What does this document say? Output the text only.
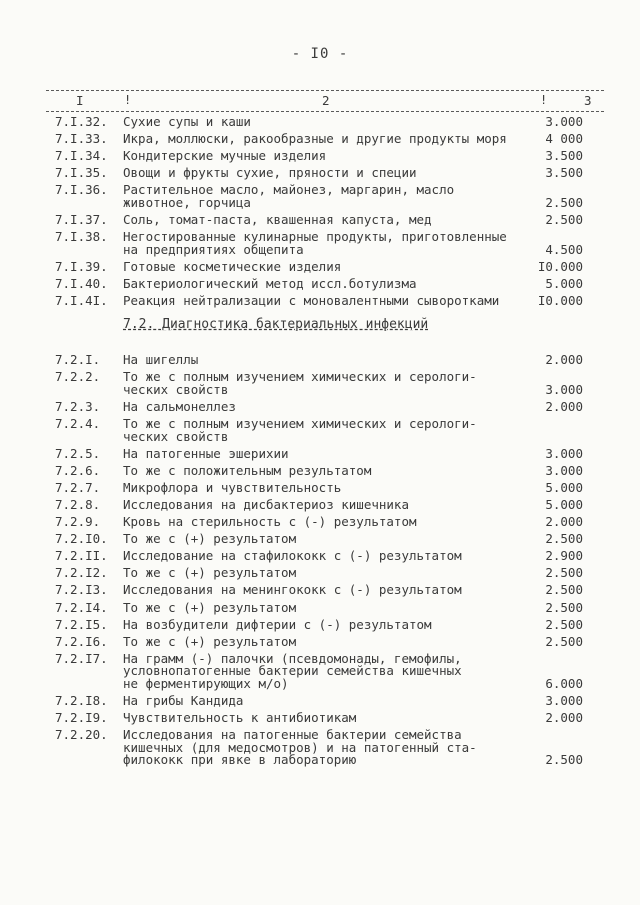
- I0 -
I	!	2	!	3
7.I.32.	Сухие супы и каши	3.000
7.I.33.	Икра, моллюски, ракообразные и другие продукты моря	4 000
7.I.34.	Кондитерские мучные изделия	3.500
7.I.35.	Овощи и фрукты сухие, пряности и специи	3.500
7.I.36.	Растительное масло, майонез, маргарин, масло
животное, горчица	2.500
7.I.37.	Соль, томат-паста, квашенная капуста, мед	2.500
7.I.38.	Негостированные кулинарные продукты, приготовленные
на предприятиях общепита	4.500
7.I.39.	Готовые косметические изделия	I0.000
7.I.40.	Бактериологический метод иссл.ботулизма	5.000
7.I.4I.	Реакция нейтрализации с моновалентными сыворотками	I0.000
7.2. Диагностика бактериальных инфекций
7.2.I.	На шигеллы	2.000
7.2.2.	То же с полным изучением химических и серологи-
ческих свойств	3.000
7.2.3.	На сальмонеллез	2.000
7.2.4.	То же с полным изучением химических и серологи-
ческих свойств
7.2.5.	На патогенные эшерихии	3.000
7.2.6.	То же с положительным результатом	3.000
7.2.7.	Микрофлора и чувствительность	5.000
7.2.8.	Исследования на дисбактериоз кишечника	5.000
7.2.9.	Кровь на стерильность с (-) результатом	2.000
7.2.I0.	То же с (+) результатом	2.500
7.2.II.	Исследование на стафилококк с (-) результатом	2.900
7.2.I2.	То же с (+) результатом	2.500
7.2.I3.	Исследования на менингококк с (-) результатом	2.500
7.2.I4.	То же с (+) результатом	2.500
7.2.I5.	На возбудители дифтерии с (-) результатом	2.500
7.2.I6.	То же с (+) результатом	2.500
7.2.I7.	На грамм (-) палочки (псевдомонады, гемофилы,
условнопатогенные бактерии семейства кишечных
не ферментирующих м/о)	6.000
7.2.I8.	На грибы Кандида	3.000
7.2.I9.	Чувствительность к антибиотикам	2.000
7.2.20.	Исследования на патогенные бактерии семейства
кишечных (для медосмотров) и на патогенный ста-
филококк при явке в лабораторию	2.500
